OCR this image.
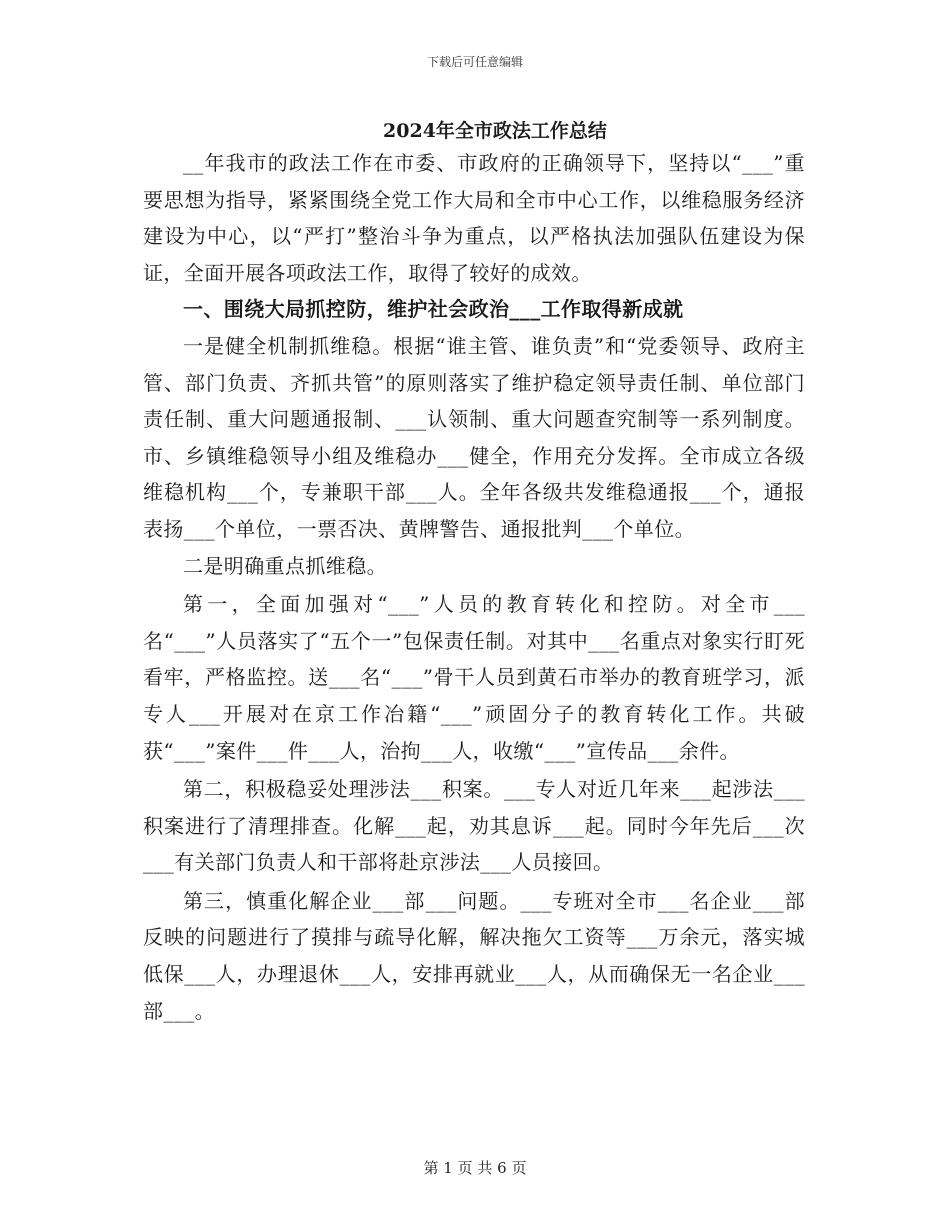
下载后可任意编辑
2024年全市政法工作总结

__年我市的政法工作在市委、市政府的正确领导下，坚持以“___”重要思想为指导，紧紧围绕全党工作大局和全市中心工作，以维稳服务经济建设为中心，以“严打”整治斗争为重点，以严格执法加强队伍建设为保证，全面开展各项政法工作，取得了较好的成效。

一、围绕大局抓控防，维护社会政治___工作取得新成就

一是健全机制抓维稳。根据“谁主管、谁负责”和“党委领导、政府主管、部门负责、齐抓共管”的原则落实了维护稳定领导责任制、单位部门责任制、重大问题通报制、___认领制、重大问题查究制等一系列制度。市、乡镇维稳领导小组及维稳办___健全，作用充分发挥。全市成立各级维稳机构___个，专兼职干部___人。全年各级共发维稳通报___个，通报表扬___个单位，一票否决、黄牌警告、通报批判___个单位。

二是明确重点抓维稳。

第一，全面加强对“___”人员的教育转化和控防。对全市___名“___”人员落实了“五个一”包保责任制。对其中___名重点对象实行盯死看牢，严格监控。送___名“___”骨干人员到黄石市举办的教育班学习，派专人___开展对在京工作冶籍“___”顽固分子的教育转化工作。共破获“___”案件___件___人，治拘___人，收缴“___”宣传品___余件。

第二，积极稳妥处理涉法___积案。___专人对近几年来___起涉法___积案进行了清理排查。化解___起，劝其息诉___起。同时今年先后___次___有关部门负责人和干部将赴京涉法___人员接回。

第三，慎重化解企业___部___问题。___专班对全市___名企业___部反映的问题进行了摸排与疏导化解，解决拖欠工资等___万余元，落实城低保___人，办理退休___人，安排再就业___人，从而确保无一名企业___部___。

第 1 页 共 6 页
